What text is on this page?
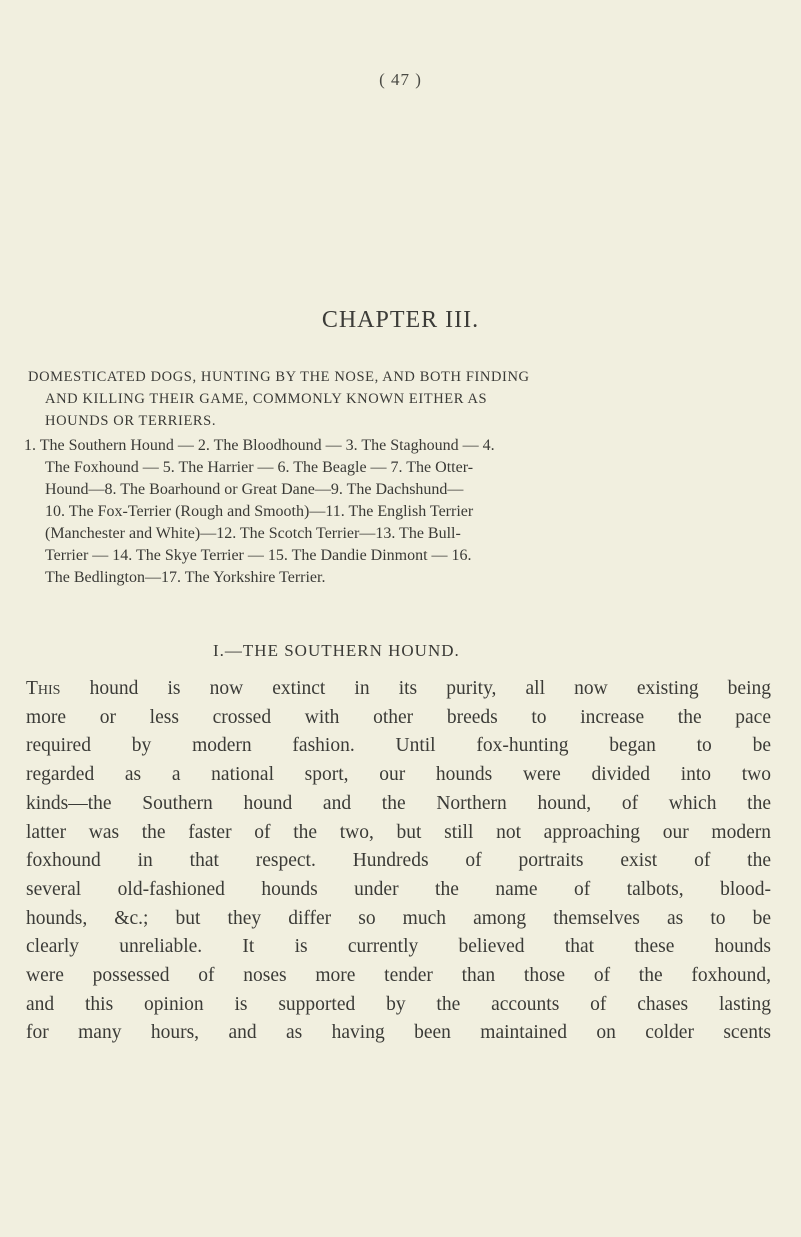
( 47 )
CHAPTER III.
DOMESTICATED DOGS, HUNTING BY THE NOSE, AND BOTH FINDING
AND KILLING THEIR GAME, COMMONLY KNOWN EITHER AS
HOUNDS OR TERRIERS.
1. The Southern Hound — 2. The Bloodhound — 3. The Staghound — 4.
The Foxhound — 5. The Harrier — 6. The Beagle — 7. The Otter-
Hound—8. The Boarhound or Great Dane—9. The Dachshund—
10. The Fox-Terrier (Rough and Smooth)—11. The English Terrier
(Manchester and White)—12. The Scotch Terrier—13. The Bull-
Terrier — 14. The Skye Terrier — 15. The Dandie Dinmont — 16.
The Bedlington—17. The Yorkshire Terrier.
I.—THE SOUTHERN HOUND.
This hound is now extinct in its purity, all now existing being
more or less crossed with other breeds to increase the pace
required by modern fashion. Until fox-hunting began to be
regarded as a national sport, our hounds were divided into two
kinds—the Southern hound and the Northern hound, of which the
latter was the faster of the two, but still not approaching our modern
foxhound in that respect. Hundreds of portraits exist of the
several old-fashioned hounds under the name of talbots, blood-
hounds, &c.; but they differ so much among themselves as to be
clearly unreliable. It is currently believed that these hounds
were possessed of noses more tender than those of the foxhound,
and this opinion is supported by the accounts of chases lasting
for many hours, and as having been maintained on colder scents
